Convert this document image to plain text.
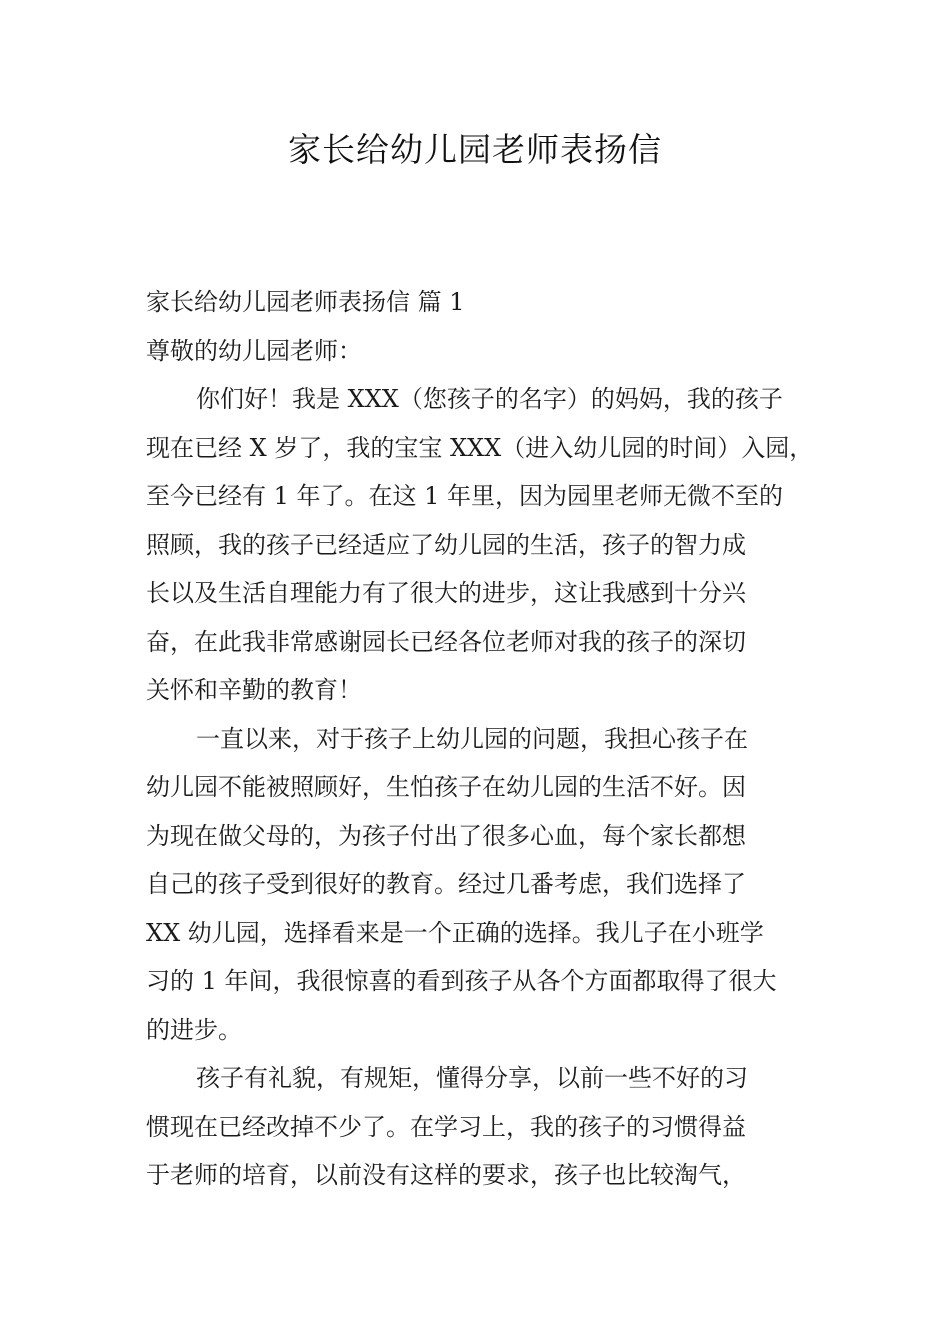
家长给幼儿园老师表扬信

家长给幼儿园老师表扬信 篇 1

尊敬的幼儿园老师：

你们好！我是 XXX（您孩子的名字）的妈妈，我的孩子

现在已经 X 岁了，我的宝宝 XXX（进入幼儿园的时间）入园，

至今已经有 1 年了。在这 1 年里，因为园里老师无微不至的

照顾，我的孩子已经适应了幼儿园的生活，孩子的智力成

长以及生活自理能力有了很大的进步，这让我感到十分兴

奋，在此我非常感谢园长已经各位老师对我的孩子的深切

关怀和辛勤的教育！

一直以来，对于孩子上幼儿园的问题，我担心孩子在

幼儿园不能被照顾好，生怕孩子在幼儿园的生活不好。因

为现在做父母的，为孩子付出了很多心血，每个家长都想

自己的孩子受到很好的教育。经过几番考虑，我们选择了

XX 幼儿园，选择看来是一个正确的选择。我儿子在小班学

习的 1 年间，我很惊喜的看到孩子从各个方面都取得了很大

的进步。

孩子有礼貌，有规矩，懂得分享，以前一些不好的习

惯现在已经改掉不少了。在学习上，我的孩子的习惯得益

于老师的培育，以前没有这样的要求，孩子也比较淘气，
